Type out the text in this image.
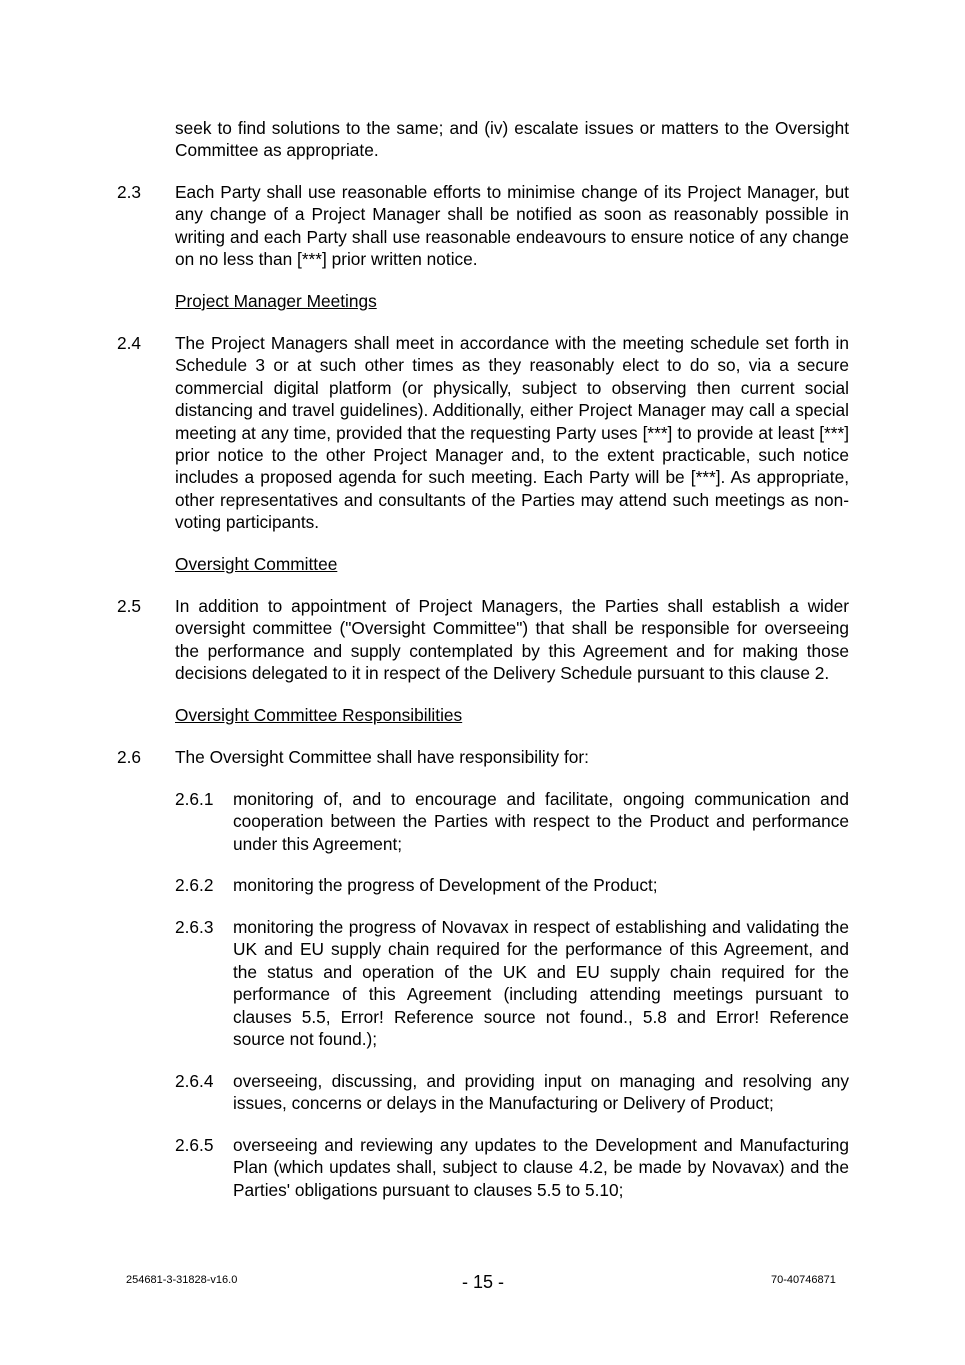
seek to find solutions to the same; and (iv) escalate issues or matters to the Oversight Committee as appropriate.

2.3 Each Party shall use reasonable efforts to minimise change of its Project Manager, but any change of a Project Manager shall be notified as soon as reasonably possible in writing and each Party shall use reasonable endeavours to ensure notice of any change on no less than [***] prior written notice.

Project Manager Meetings

2.4 The Project Managers shall meet in accordance with the meeting schedule set forth in Schedule 3 or at such other times as they reasonably elect to do so, via a secure commercial digital platform (or physically, subject to observing then current social distancing and travel guidelines). Additionally, either Project Manager may call a special meeting at any time, provided that the requesting Party uses [***] to provide at least [***] prior notice to the other Project Manager and, to the extent practicable, such notice includes a proposed agenda for such meeting. Each Party will be [***]. As appropriate, other representatives and consultants of the Parties may attend such meetings as non-voting participants.

Oversight Committee

2.5 In addition to appointment of Project Managers, the Parties shall establish a wider oversight committee ("Oversight Committee") that shall be responsible for overseeing the performance and supply contemplated by this Agreement and for making those decisions delegated to it in respect of the Delivery Schedule pursuant to this clause 2.

Oversight Committee Responsibilities

2.6 The Oversight Committee shall have responsibility for:

2.6.1 monitoring of, and to encourage and facilitate, ongoing communication and cooperation between the Parties with respect to the Product and performance under this Agreement;

2.6.2 monitoring the progress of Development of the Product;

2.6.3 monitoring the progress of Novavax in respect of establishing and validating the UK and EU supply chain required for the performance of this Agreement, and the status and operation of the UK and EU supply chain required for the performance of this Agreement (including attending meetings pursuant to clauses 5.5, Error! Reference source not found., 5.8 and Error! Reference source not found.);

2.6.4 overseeing, discussing, and providing input on managing and resolving any issues, concerns or delays in the Manufacturing or Delivery of Product;

2.6.5 overseeing and reviewing any updates to the Development and Manufacturing Plan (which updates shall, subject to clause 4.2, be made by Novavax) and the Parties' obligations pursuant to clauses 5.5 to 5.10;

254681-3-31828-v16.0	- 15 -	70-40746871
